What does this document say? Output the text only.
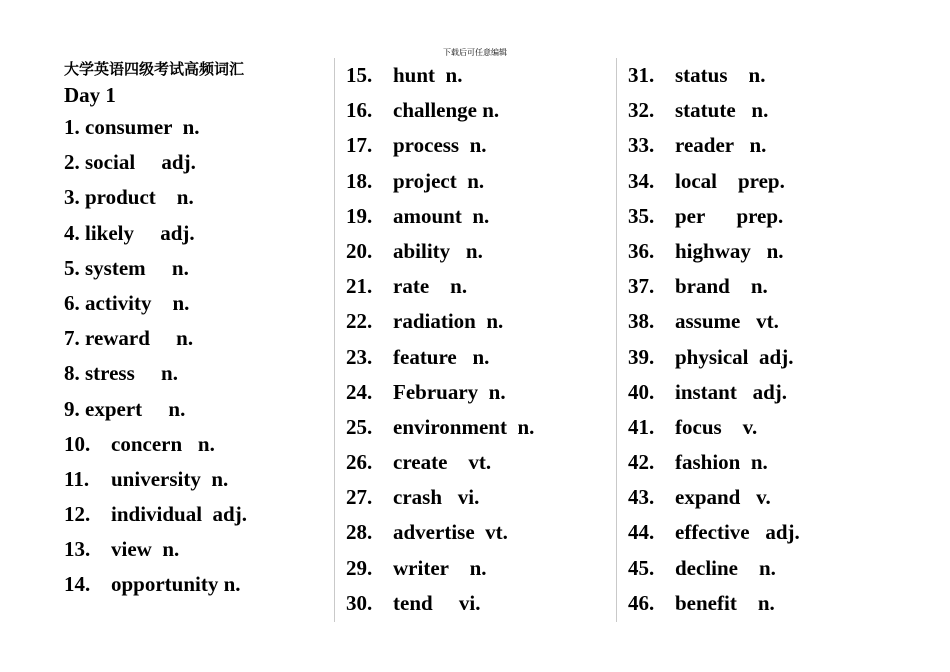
下载后可任意编辑
大学英语四级考试高频词汇
Day 1
1. consumer  n.
2. social     adj.
3. product    n.
4. likely     adj.
5. system     n.
6. activity    n.
7. reward     n.
8. stress     n.
9. expert     n.
10. concern   n.
11.	university  n.
12. individual  adj.
13. view  n.
14. opportunity n.
15. hunt  n.
16. challenge n.
17. process  n.
18. project  n.
19. amount  n.
20. ability   n.
21. rate    n.
22. radiation  n.
23. feature   n.
24. February  n.
25. environment  n.
26. create    vt.
27. crash   vi.
28. advertise  vt.
29. writer    n.
30. tend     vi.
31. status    n.
32. statute   n.
33. reader   n.
34. local    prep.
35. per      prep.
36. highway   n.
37. brand    n.
38. assume   vt.
39. physical  adj.
40. instant   adj.
41. focus    v.
42. fashion  n.
43. expand   v.
44. effective   adj.
45. decline    n.
46. benefit    n.
